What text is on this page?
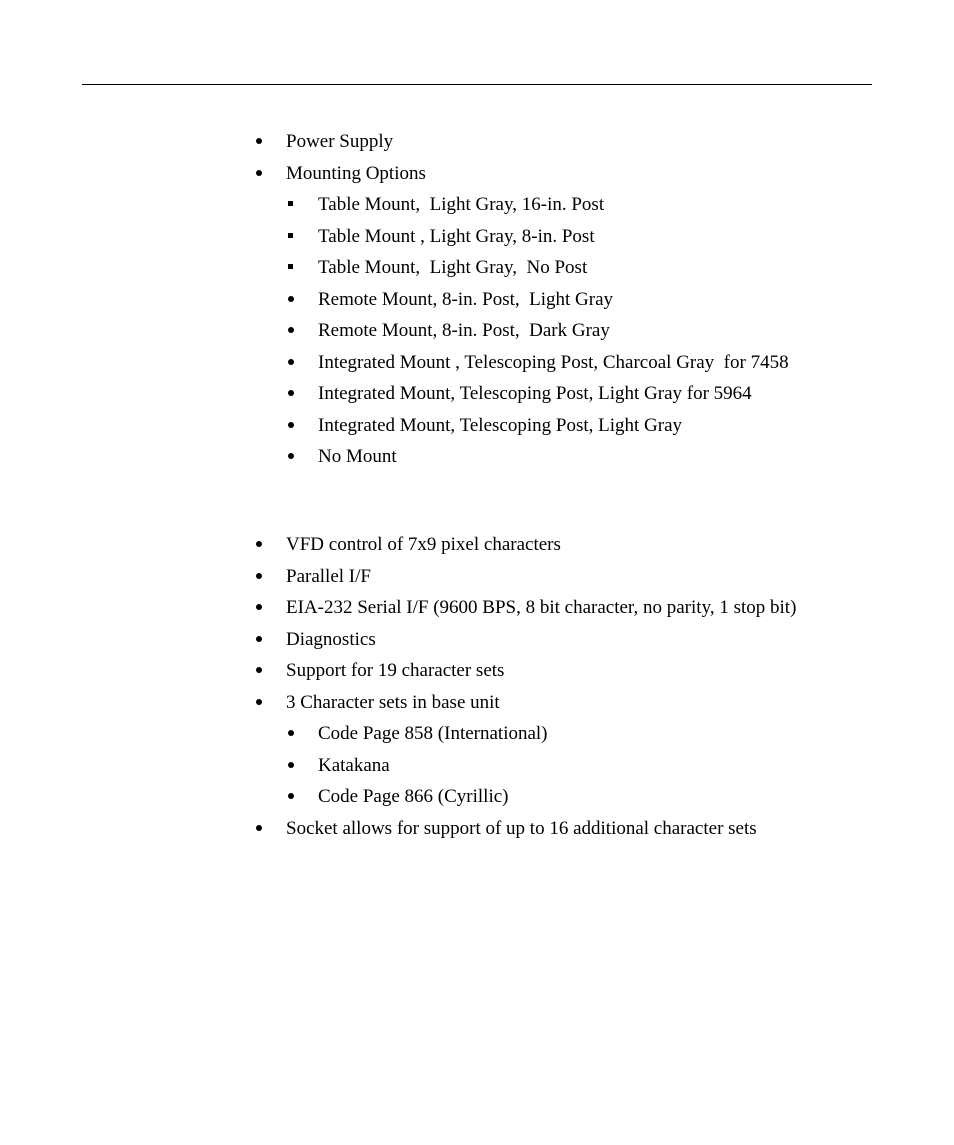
Power Supply
Mounting Options
Table Mount,  Light Gray, 16-in. Post
Table Mount , Light Gray, 8-in. Post
Table Mount,  Light Gray,  No Post
Remote Mount, 8-in. Post,  Light Gray
Remote Mount, 8-in. Post,  Dark Gray
Integrated Mount , Telescoping Post, Charcoal Gray  for 7458
Integrated Mount, Telescoping Post, Light Gray for 5964
Integrated Mount, Telescoping Post, Light Gray
No Mount
VFD control of 7x9 pixel characters
Parallel I/F
EIA-232 Serial I/F (9600 BPS, 8 bit character, no parity, 1 stop bit)
Diagnostics
Support for 19 character sets
3 Character sets in base unit
Code Page 858 (International)
Katakana
Code Page 866 (Cyrillic)
Socket allows for support of up to 16 additional character sets
